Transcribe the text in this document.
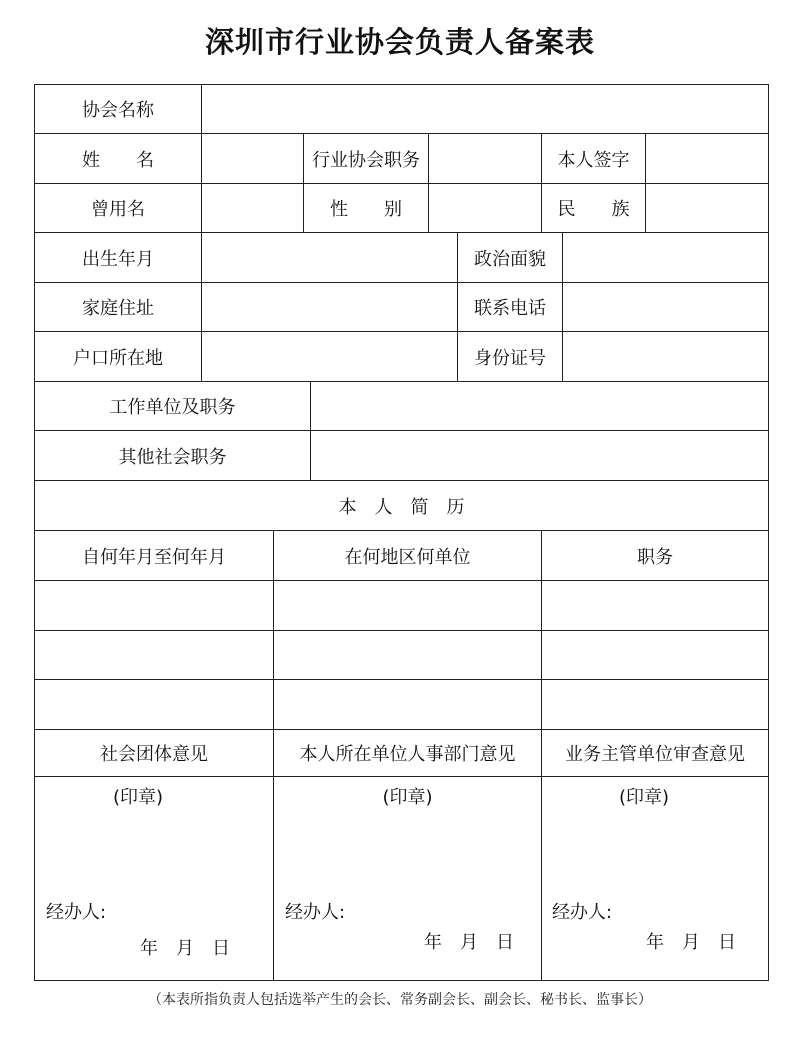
深圳市行业协会负责人备案表
协会名称
姓　　名	行业协会职务	本人签字
曾用名	性　　别	民　　族
出生年月	政治面貌
家庭住址	联系电话
户口所在地	身份证号
工作单位及职务
其他社会职务
本　人　简　历
自何年月至何年月	在何地区何单位	职务
社会团体意见	本人所在单位人事部门意见	业务主管单位审查意见
(印章)
经办人:
年　月　日
(印章)
经办人:
年　月　日
(印章)
经办人:
年　月　日
（本表所指负责人包括选举产生的会长、常务副会长、副会长、秘书长、监事长）
